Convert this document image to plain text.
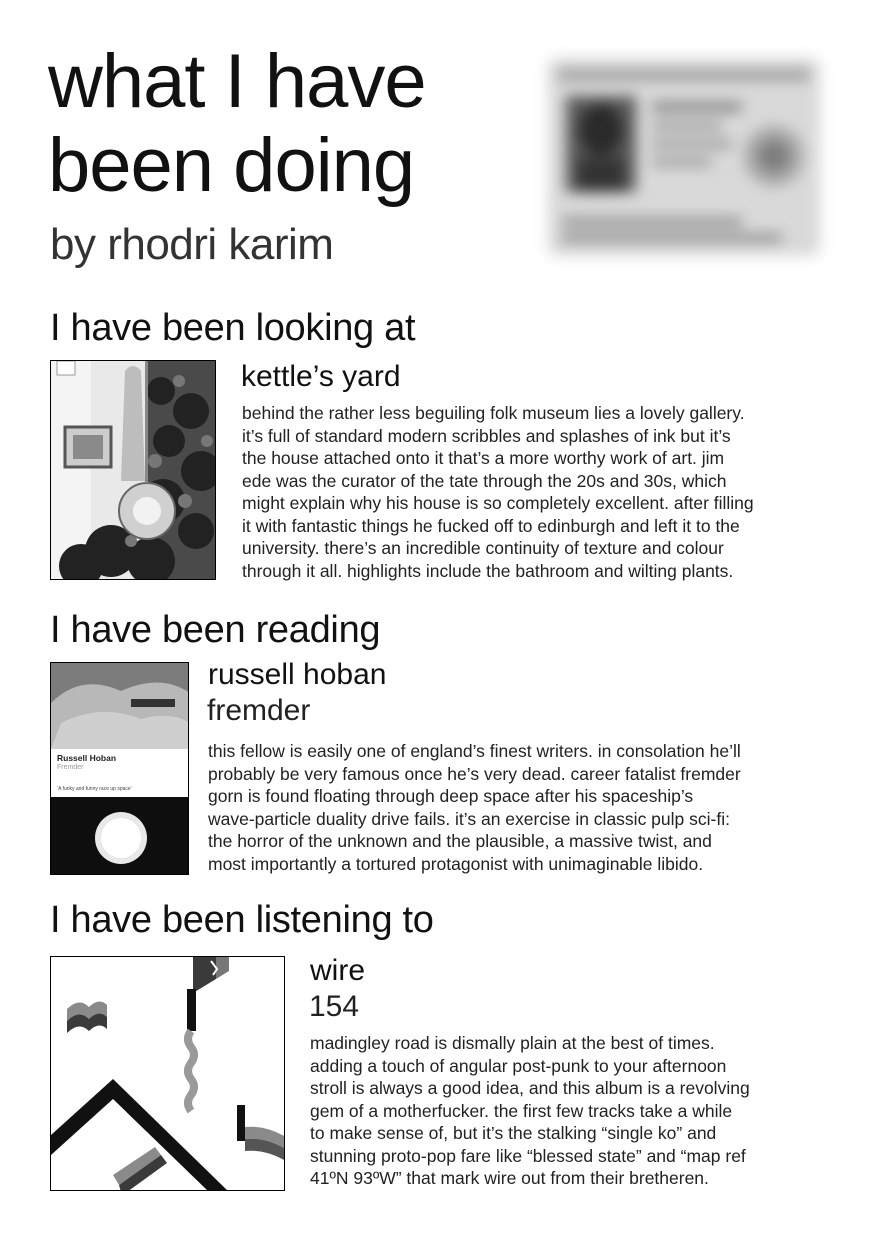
what I have
been doing
by rhodri karim
I have been looking at
kettle’s yard
behind the rather less beguiling folk museum lies a lovely gallery.
it’s full of standard modern scribbles and splashes of ink but it’s
the house attached onto it that’s a more worthy work of art. jim
ede was the curator of the tate through the 20s and 30s, which
might explain why his house is so completely excellent. after filling
it with fantastic things he fucked off to edinburgh and left it to the
university. there’s an incredible continuity of texture and colour
through it all. highlights include the bathroom and wilting plants.
I have been reading
Russell Hoban
Fremder
‘A funky and funny race up space’
russell hoban
fremder
this fellow is easily one of england’s finest writers. in consolation he’ll
probably be very famous once he’s very dead. career fatalist fremder
gorn is found floating through deep space after his spaceship’s
wave-particle duality drive fails. it’s an exercise in classic pulp sci-fi:
the horror of the unknown and the plausible, a massive twist, and
most importantly a tortured protagonist with unimaginable libido.
I have been listening to
wire
154
madingley road is dismally plain at the best of times.
adding a touch of angular post-punk to your afternoon
stroll is always a good idea, and this album is a revolving
gem of a motherfucker. the first few tracks take a while
to make sense of, but it’s the stalking “single ko” and
stunning proto-pop fare like “blessed state” and “map ref
41ºN 93ºW” that mark wire out from their bretheren.
